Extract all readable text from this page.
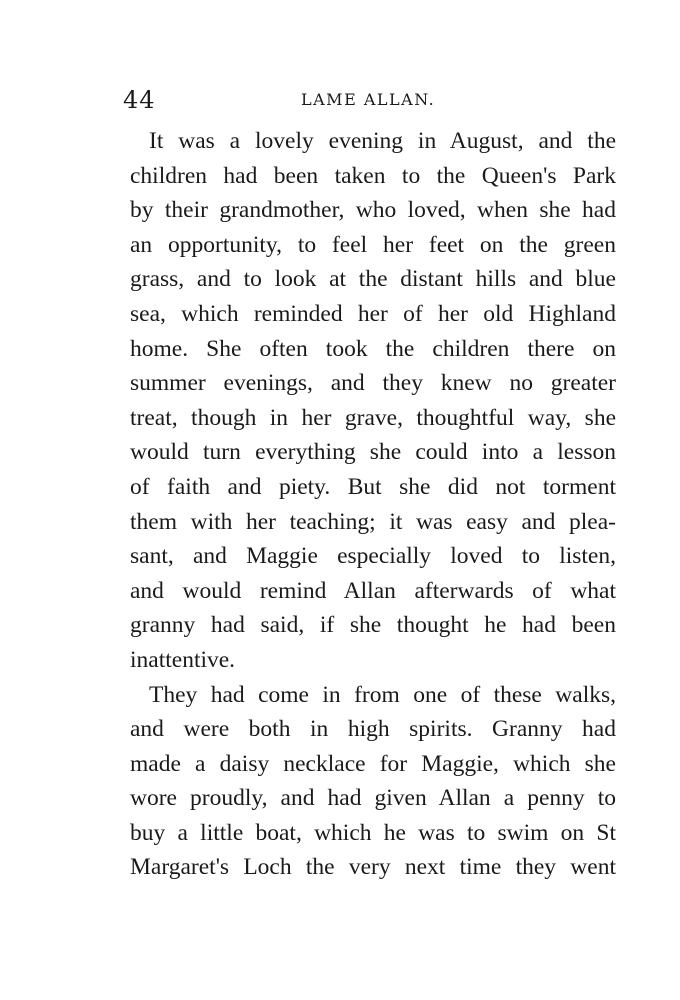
44	LAME ALLAN.

It was a lovely evening in August, and the
children had been taken to the Queen's Park
by their grandmother, who loved, when she had
an opportunity, to feel her feet on the green
grass, and to look at the distant hills and blue
sea, which reminded her of her old Highland
home. She often took the children there on
summer evenings, and they knew no greater
treat, though in her grave, thoughtful way, she
would turn everything she could into a lesson
of faith and piety. But she did not torment
them with her teaching; it was easy and plea-
sant, and Maggie especially loved to listen,
and would remind Allan afterwards of what
granny had said, if she thought he had been
inattentive.

They had come in from one of these walks,
and were both in high spirits. Granny had
made a daisy necklace for Maggie, which she
wore proudly, and had given Allan a penny to
buy a little boat, which he was to swim on St
Margaret's Loch the very next time they went
